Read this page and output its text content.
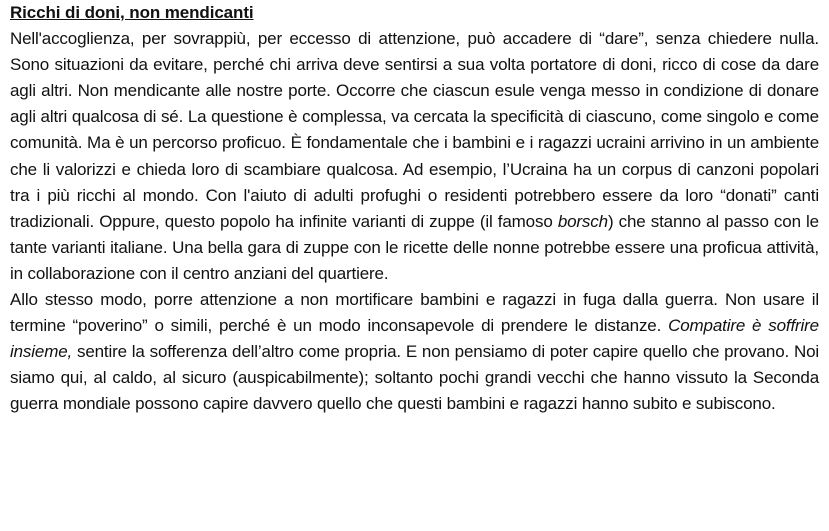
Ricchi di doni, non mendicanti

Nell'accoglienza, per sovrappiù, per eccesso di attenzione, può accadere di “dare”, senza chiedere nulla. Sono situazioni da evitare, perché chi arriva deve sentirsi a sua volta portatore di doni, ricco di cose da dare agli altri. Non mendicante alle nostre porte. Occorre che ciascun esule venga messo in condizione di donare agli altri qualcosa di sé. La questione è complessa, va cercata la specificità di ciascuno, come singolo e come comunità. Ma è un percorso proficuo. È fondamentale che i bambini e i ragazzi ucraini arrivino in un ambiente che li valorizzi e chieda loro di scambiare qualcosa. Ad esempio, l’Ucraina ha un corpus di canzoni popolari tra i più ricchi al mondo. Con l'aiuto di adulti profughi o residenti potrebbero essere da loro “donati” canti tradizionali. Oppure, questo popolo ha infinite varianti di zuppe (il famoso borsch) che stanno al passo con le tante varianti italiane. Una bella gara di zuppe con le ricette delle nonne potrebbe essere una proficua attività, in collaborazione con il centro anziani del quartiere.

Allo stesso modo, porre attenzione a non mortificare bambini e ragazzi in fuga dalla guerra. Non usare il termine “poverino” o simili, perché è un modo inconsapevole di prendere le distanze. Compatire è soffrire insieme, sentire la sofferenza dell’altro come propria. E non pensiamo di poter capire quello che provano. Noi siamo qui, al caldo, al sicuro (auspicabilmente); soltanto pochi grandi vecchi che hanno vissuto la Seconda guerra mondiale possono capire davvero quello che questi bambini e ragazzi hanno subito e subiscono.
